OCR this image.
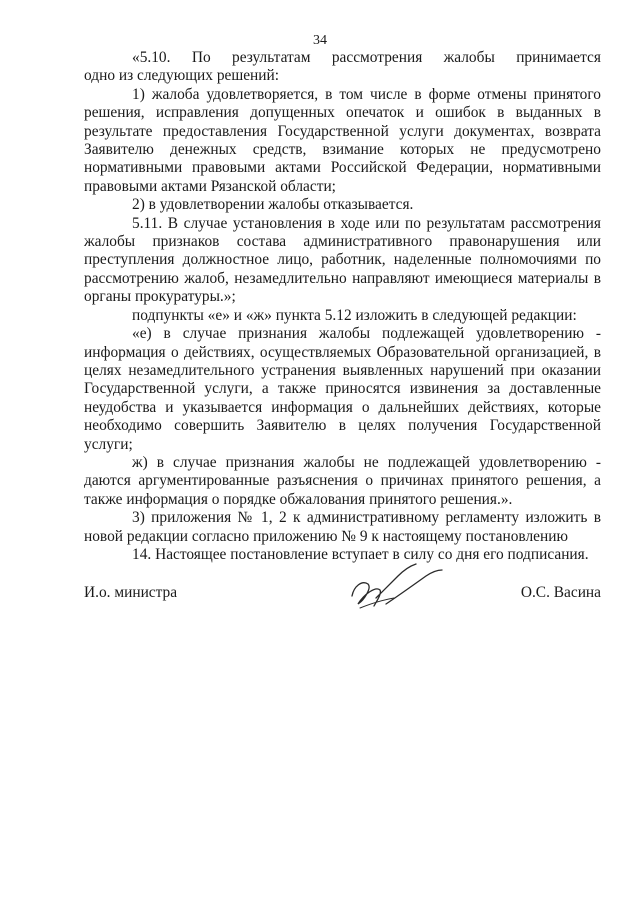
34
«5.10. По результатам рассмотрения жалобы принимается

одно из следующих решений:

1) жалоба удовлетворяется, в том числе в форме отмены принятого решения, исправления допущенных опечаток и ошибок в выданных в результате предоставления Государственной услуги документах, возврата Заявителю денежных средств, взимание которых не предусмотрено нормативными правовыми актами Российской Федерации, нормативными правовыми актами Рязанской области;

2) в удовлетворении жалобы отказывается.

5.11. В случае установления в ходе или по результатам рассмотрения жалобы признаков состава административного правонарушения или преступления должностное лицо, работник, наделенные полномочиями по рассмотрению жалоб, незамедлительно направляют имеющиеся материалы в органы прокуратуры.»;

подпункты «е» и «ж» пункта 5.12 изложить в следующей редакции:

«е) в случае признания жалобы подлежащей удовлетворению - информация о действиях, осуществляемых Образовательной организацией, в целях незамедлительного устранения выявленных нарушений при оказании Государственной услуги, а также приносятся извинения за доставленные неудобства и указывается информация о дальнейших действиях, которые необходимо совершить Заявителю в целях получения Государственной услуги;

ж) в случае признания жалобы не подлежащей удовлетворению - даются аргументированные разъяснения о причинах принятого решения, а также информация о порядке обжалования принятого решения.».

3) приложения № 1, 2 к административному регламенту изложить в новой редакции согласно приложению № 9 к настоящему постановлению

14. Настоящее постановление вступает в силу со дня его подписания.

И.о. министра	О.С. Васина
